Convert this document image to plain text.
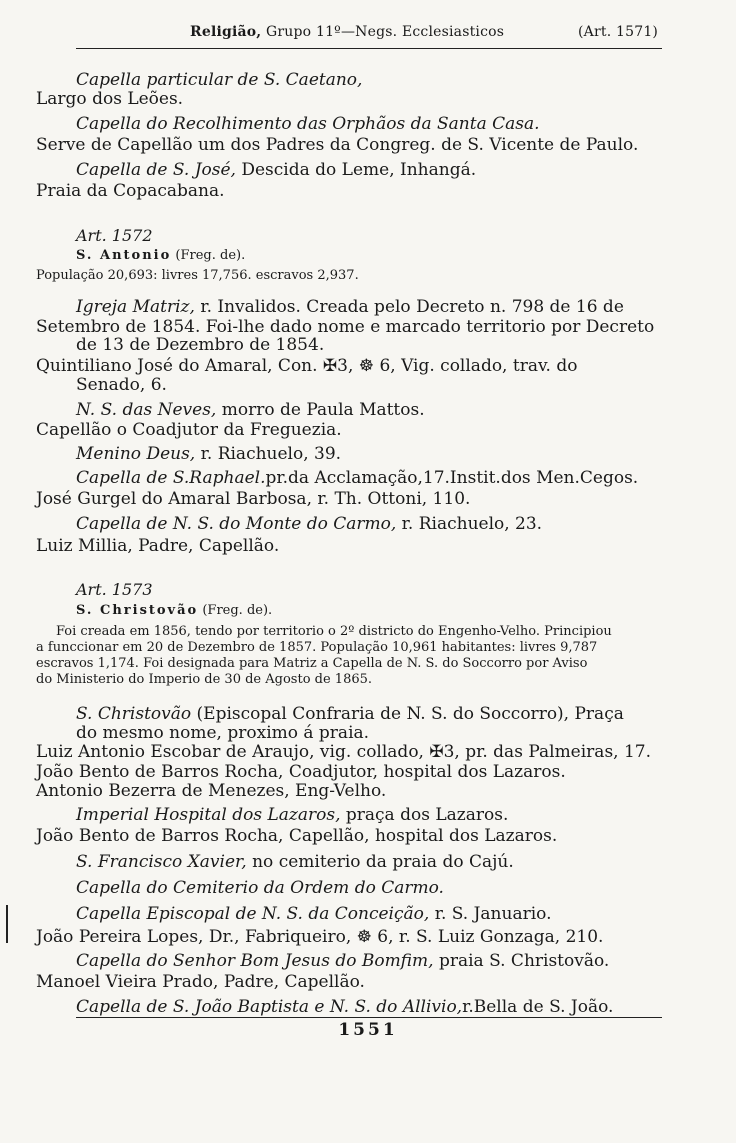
Religião, Grupo 11º—Negs. Ecclesiasticos	(Art. 1571)
Capella particular de S. Caetano,
Largo dos Leões.
Capella do Recolhimento das Orphãos da Santa Casa.
Serve de Capellão um dos Padres da Congreg. de S. Vicente de Paulo.
Capella de S. José, Descida do Leme, Inhangá.
Praia da Copacabana.
Art. 1572
S. Antonio (Freg. de).
População 20,693: livres 17,756. escravos 2,937.
Igreja Matriz, r. Invalidos. Creada pelo Decreto n. 798 de 16 de
Setembro de 1854. Foi-lhe dado nome e marcado territorio por Decreto
de 13 de Dezembro de 1854.
Quintiliano José do Amaral, Con. ✠3, ☸ 6, Vig. collado, trav. do
Senado, 6.
N. S. das Neves, morro de Paula Mattos.
Capellão o Coadjutor da Freguezia.
Menino Deus, r. Riachuelo, 39.
Capella de S.Raphael.pr.da Acclamação,17.Instit.dos Men.Cegos.
José Gurgel do Amaral Barbosa, r. Th. Ottoni, 110.
Capella de N. S. do Monte do Carmo, r. Riachuelo, 23.
Luiz Millia, Padre, Capellão.
Art. 1573
S. Christovão (Freg. de).
Foi creada em 1856, tendo por territorio o 2º districto do Engenho-Velho. Principiou
a funccionar em 20 de Dezembro de 1857. População 10,961 habitantes: livres 9,787
escravos 1,174. Foi designada para Matriz a Capella de N. S. do Soccorro por Aviso
do Ministerio do Imperio de 30 de Agosto de 1865.
S. Christovão (Episcopal Confraria de N. S. do Soccorro), Praça
do mesmo nome, proximo á praia.
Luiz Antonio Escobar de Araujo, vig. collado, ✠3, pr. das Palmeiras, 17.
João Bento de Barros Rocha, Coadjutor, hospital dos Lazaros.
Antonio Bezerra de Menezes, Eng-Velho.
Imperial Hospital dos Lazaros, praça dos Lazaros.
João Bento de Barros Rocha, Capellão, hospital dos Lazaros.
S. Francisco Xavier, no cemiterio da praia do Cajú.
Capella do Cemiterio da Ordem do Carmo.
Capella Episcopal de N. S. da Conceição, r. S. Januario.
João Pereira Lopes, Dr., Fabriqueiro, ☸ 6, r. S. Luiz Gonzaga, 210.
Capella do Senhor Bom Jesus do Bomfim, praia S. Christovão.
Manoel Vieira Prado, Padre, Capellão.
Capella de S. João Baptista e N. S. do Allivio,r.Bella de S. João.
1551
